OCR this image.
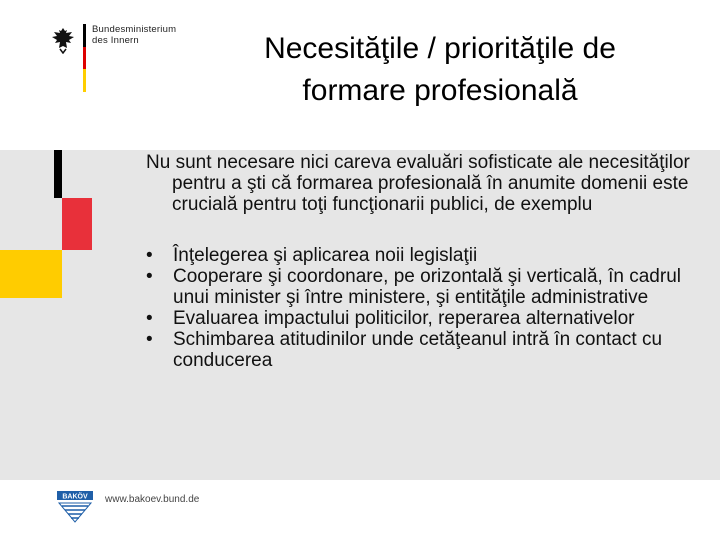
Bundesministerium
des Innern	Necesităţile / priorităţile de
formare profesională

Nu sunt necesare nici careva evaluări sofisticate ale necesităţilor pentru a şti că formarea profesională în anumite domenii este crucială pentru toţi funcţionarii publici, de exemplu

• Înţelegerea şi aplicarea noii legislaţii
• Cooperare şi coordonare, pe orizontală şi verticală, în cadrul unui minister şi între ministere, şi entităţile administrative
• Evaluarea impactului politicilor, reperarea alternativelor
• Schimbarea atitudinilor unde cetăţeanul intră în contact cu conducerea
BAKÖV www.bakoev.bund.de
